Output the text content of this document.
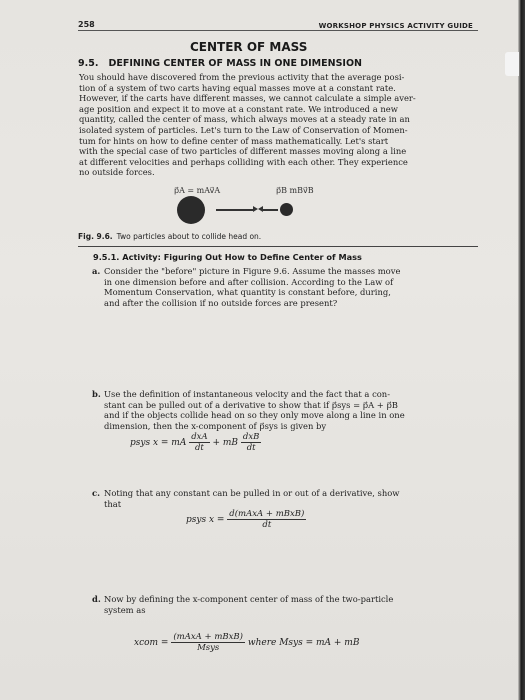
258	WORKSHOP PHYSICS ACTIVITY GUIDE
CENTER OF MASS
9.5. DEFINING CENTER OF MASS IN ONE DIMENSION
You should have discovered from the previous activity that the average posi-
tion of a system of two carts having equal masses move at a constant rate.
However, if the carts have different masses, we cannot calculate a simple aver-
age position and expect it to move at a constant rate. We introduced a new
quantity, called the center of mass, which always moves at a steady rate in an
isolated system of particles. Let's turn to the Law of Conservation of Momen-
tum for hints on how to define center of mass mathematically. Let's start
with the special case of two particles of different masses moving along a line
at different velocities and perhaps colliding with each other. They experience
no outside forces.
p⃗A = mAv⃗A	p⃗B mBv⃗B
Fig. 9.6. Two particles about to collide head on.
9.5.1. Activity: Figuring Out How to Define Center of Mass
a. Consider the "before" picture in Figure 9.6. Assume the masses move
in one dimension before and after collision. According to the Law of
Momentum Conservation, what quantity is constant before, during,
and after the collision if no outside forces are present?
b. Use the definition of instantaneous velocity and the fact that a con-
stant can be pulled out of a derivative to show that if p⃗sys = p⃗A + p⃗B
and if the objects collide head on so they only move along a line in one
dimension, then the x-component of p⃗sys is given by
psys x = mA $\frac{\text{dxA}}{dt}$ + mB $\frac{\text{dxB}}{dt}$
c. Noting that any constant can be pulled in or out of a derivative, show
that
psys $x = \frac{\text{d(mAxA + mBxB)}}{dt}$
d. Now by defining the x-component center of mass of the two-particle
system as
xcom = $\frac{\text{(mAxA + mBxB)}}{\text{Msys}}$ where Msys = mA + mB
